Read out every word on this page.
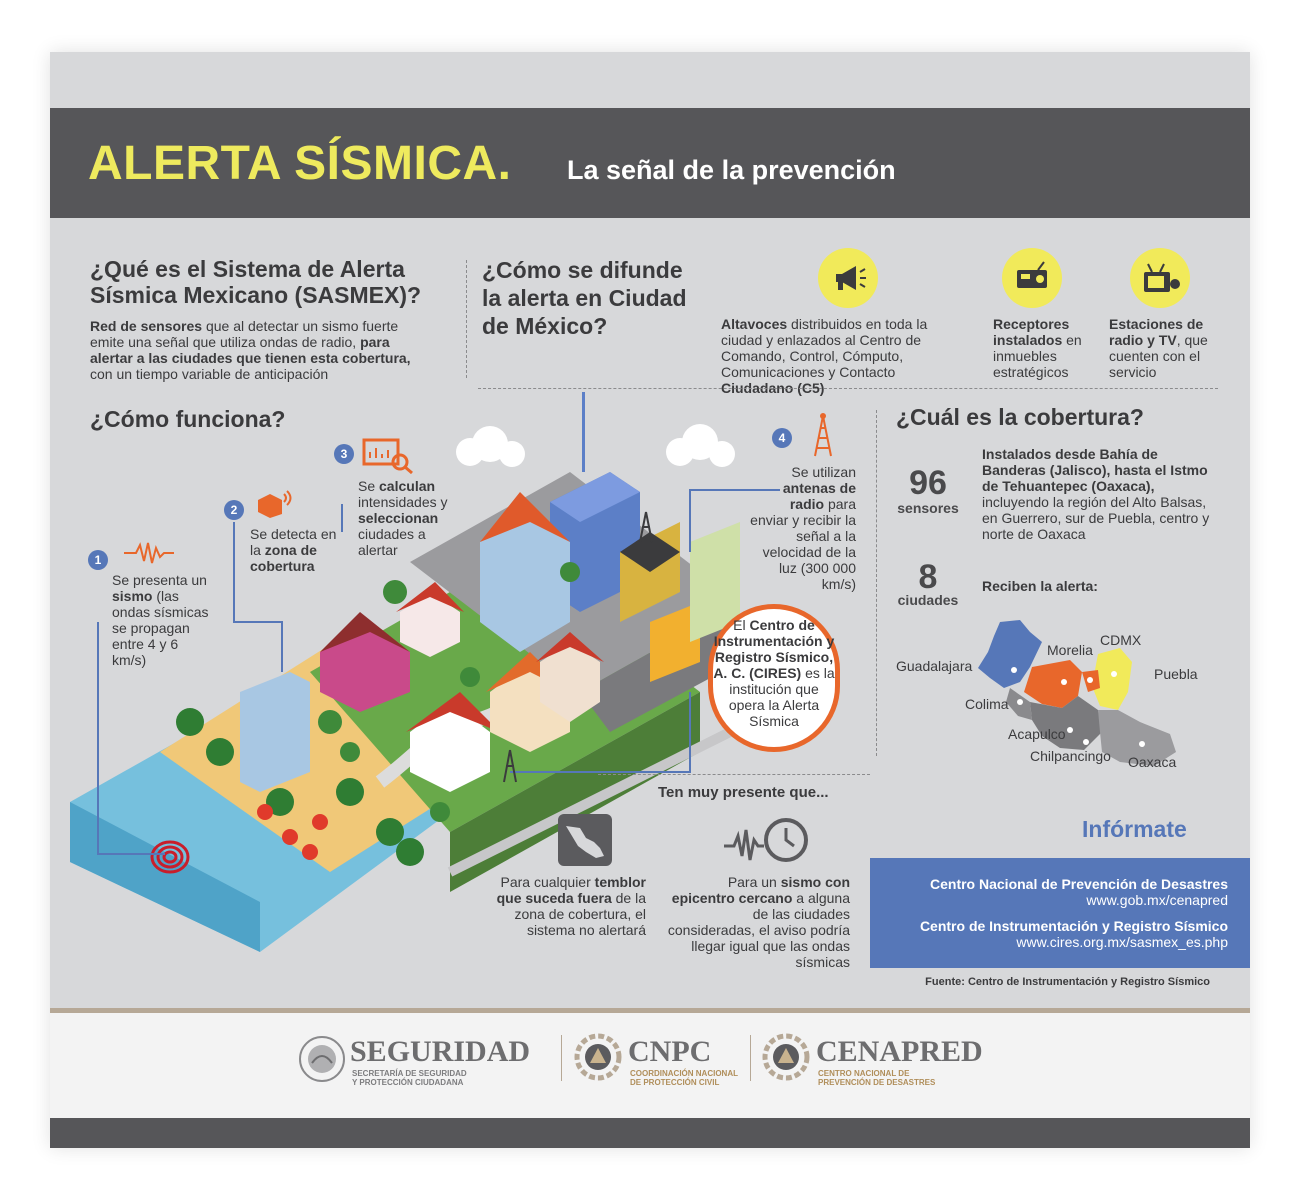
ALERTA SÍSMICA. La señal de la prevención
¿Qué es el Sistema de Alerta Sísmica Mexicano (SASMEX)?
Red de sensores que al detectar un sismo fuerte emite una señal que utiliza ondas de radio, para alertar a las ciudades que tienen esta cobertura, con un tiempo variable de anticipación
¿Cómo se difunde la alerta en Ciudad de México?	Altavoces distribuidos en toda la ciudad y enlazados al Centro de Comando, Control, Cómputo, Comunicaciones y Contacto Ciudadano (C5)
Receptores instalados en inmuebles estratégicos
Estaciones de radio y TV, que cuenten con el servicio
¿Cómo funciona?
1
Se presenta un sismo (las ondas sísmicas se propagan entre 4 y 6 km/s)
2
Se detecta en la zona de cobertura
3
Se calculan intensidades y seleccionan ciudades a alertar
4
Se utilizan antenas de radio para enviar y recibir la señal a la velocidad de la luz (300 000 km/s)
El Centro de Instrumentación y Registro Sísmico, A. C. (CIRES) es la institución que opera la Alerta Sísmica
¿Cuál es la cobertura?
96
sensores
Instalados desde Bahía de Banderas (Jalisco), hasta el Istmo de Tehuantepec (Oaxaca), incluyendo la región del Alto Balsas, en Guerrero, sur de Puebla, centro y norte de Oaxaca
8
ciudades
Reciben la alerta:
CDMX
Morelia
Guadalajara	Puebla
Colima
Acapulco
Chilpancingo Oaxaca
Ten muy presente que...
Para cualquier temblor que suceda fuera de la zona de cobertura, el sistema no alertará
Para un sismo con epicentro cercano a alguna de las ciudades consideradas, el aviso podría llegar igual que las ondas sísmicas
Infórmate
Centro Nacional de Prevención de Desastres
www.gob.mx/cenapred
Centro de Instrumentación y Registro Sísmico
www.cires.org.mx/sasmex_es.php
Fuente: Centro de Instrumentación y Registro Sísmico
SEGURIDAD
SECRETARÍA DE SEGURIDAD
Y PROTECCIÓN CIUDADANA
CNPC
COORDINACIÓN NACIONAL
DE PROTECCIÓN CIVIL
CENAPRED
CENTRO NACIONAL DE
PREVENCIÓN DE DESASTRES
